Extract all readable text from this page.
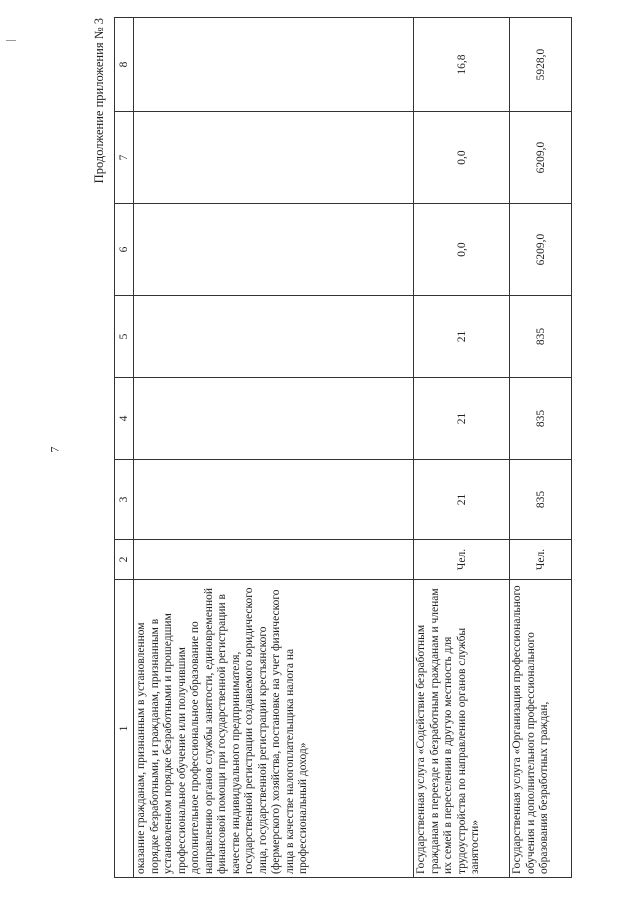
7
Продолжение приложения № 3
1	2	3	4	5	6	7	8
оказание гражданам, признанным в установленном порядке безработными, и гражданам, признанным в установленном порядке безработными и прошедшим профессиональное обучение или получившим дополнительное профессиональное образование по направлению органов службы занятости, единовременной финансовой помощи при государственной регистрации в качестве индивидуального предпринимателя, государственной регистрации создаваемого юридического лица, государственной регистрации крестьянского (фермерского) хозяйства, постановке на учет физического лица в качестве налогоплательщика налога на профессиональный доход»							
Государственная услуга «Содействие безработным гражданам в переезде и безработным гражданам и членам их семей в переселении в другую местность для трудоустройства по направлению органов службы занятости»	Чел.	21	21	21	0,0	0,0	16,8
Государственная услуга «Организация профессионального обучения и дополнительного профессионального образования безработных граждан,	Чел.	835	835	835	6209,0	6209,0	5928,0
